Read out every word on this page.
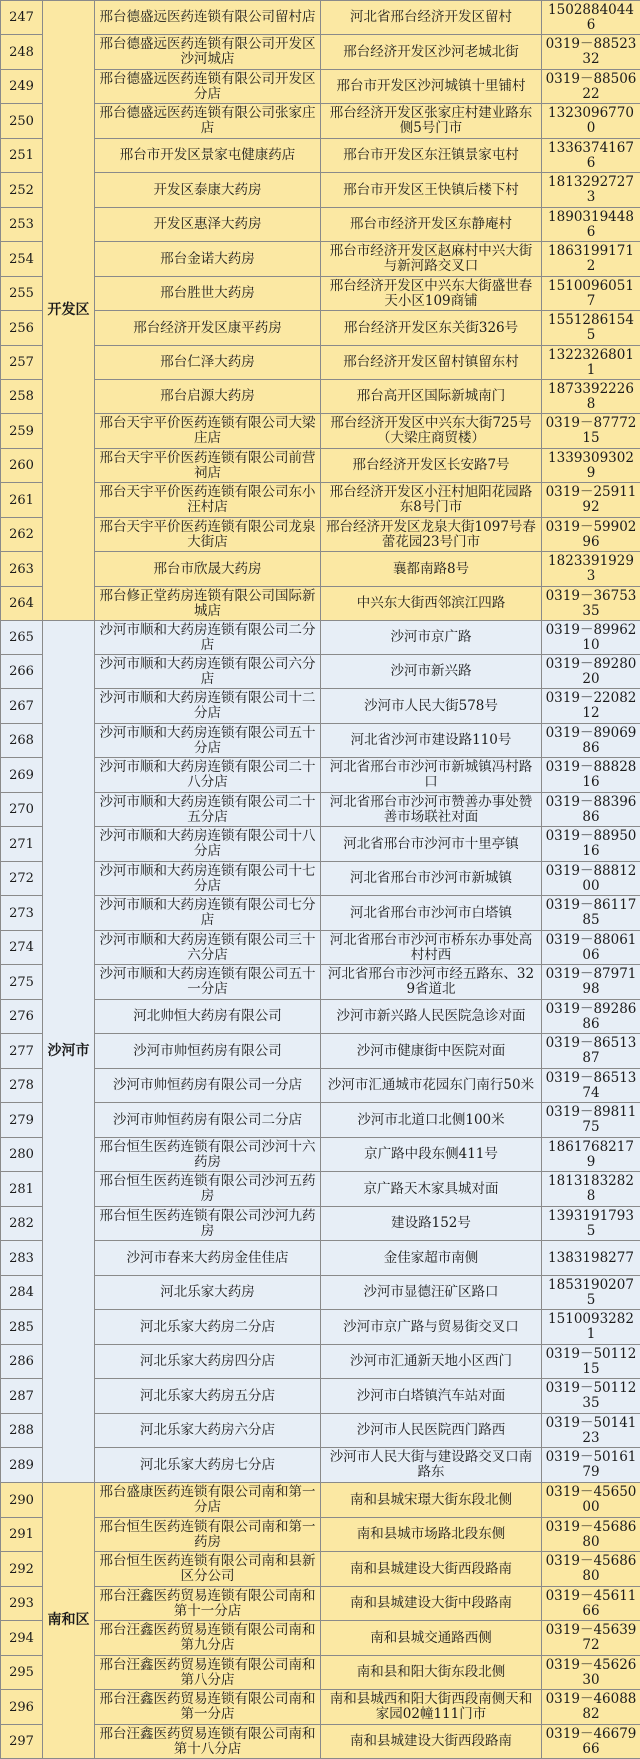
247	开发区	邢台德盛远医药连锁有限公司留村店	河北省邢台经济开发区留村	15028840446
248		邢台德盛远医药连锁有限公司开发区沙河城店	邢台经济开发区沙河老城北街	0319－8852332
249		邢台德盛远医药连锁有限公司开发区分店	邢台市开发区沙河城镇十里铺村	0319－8850622
250		邢台德盛远医药连锁有限公司张家庄店	邢台经济开发区张家庄村建业路东侧5号门市	13230967700
251		邢台市开发区景家屯健康药店	邢台市开发区东汪镇景家屯村	13363741676
252		开发区泰康大药房	邢台市开发区王快镇后楼下村	18132927273
253		开发区惠泽大药房	邢台市经济开发区东静庵村	18903194486
254		邢台金诺大药房	邢台市经济开发区赵麻村中兴大街与新河路交叉口	18631991712
255		邢台胜世大药房	邢台经济开发区中兴东大街盛世春天小区109商铺	15100960517
256		邢台经济开发区康平药房	邢台经济开发区东关街326号	15512861545
257		邢台仁泽大药房	邢台经济开发区留村镇留东村	13223268011
258		邢台启源大药房	邢台高开区国际新城南门	18733922268
259		邢台天宇平价医药连锁有限公司大梁庄店	邢台经济开发区中兴东大街725号（大梁庄商贸楼）	0319－8777215
260		邢台天宇平价医药连锁有限公司前营祠店	邢台经济开发区长安路7号	13393093029
261		邢台天宇平价医药连锁有限公司东小汪村店	邢台经济开发区小汪村旭阳花园路东8号门市	0319－2591192
262		邢台天宇平价医药连锁有限公司龙泉大街店	邢台经济开发区龙泉大街1097号春蕾花园23号门市	0319－5990296
263		邢台市欣晟大药房	襄都南路8号	18233919293
264		邢台修正堂药房连锁有限公司国际新城店	中兴东大街西邻滨江四路	0319－3675335
265	沙河市	沙河市顺和大药房连锁有限公司二分店	沙河市京广路	0319－8996210
266		沙河市顺和大药房连锁有限公司六分店	沙河市新兴路	0319－8928020
267		沙河市顺和大药房连锁有限公司十二分店	沙河市人民大街578号	0319－2208212
268		沙河市顺和大药房连锁有限公司五十分店	河北省沙河市建设路110号	0319－8906986
269		沙河市顺和大药房连锁有限公司二十八分店	河北省邢台市沙河市新城镇冯村路口	0319－8882816
270		沙河市顺和大药房连锁有限公司二十五分店	河北省邢台市沙河市赞善办事处赞善市场联社对面	0319－8839686
271		沙河市顺和大药房连锁有限公司十八分店	河北省邢台市沙河市十里亭镇	0319－8895016
272		沙河市顺和大药房连锁有限公司十七分店	河北省邢台市沙河市新城镇	0319－8881200
273		沙河市顺和大药房连锁有限公司七分店	河北省邢台市沙河市白塔镇	0319－8611785
274		沙河市顺和大药房连锁有限公司三十六分店	河北省邢台市沙河市桥东办事处高村村西	0319－8806106
275		沙河市顺和大药房连锁有限公司五十一分店	河北省邢台市沙河市经五路东、329省道北	0319－8797198
276		河北帅恒大药房有限公司	沙河市新兴路人民医院急诊对面	0319－8928686
277		沙河市帅恒药房有限公司	沙河市健康街中医院对面	0319－8651387
278		沙河市帅恒药房有限公司一分店	沙河市汇通城市花园东门南行50米	0319－8651374
279		沙河市帅恒药房有限公司二分店	沙河市北道口北侧100米	0319－8981175
280		邢台恒生医药连锁有限公司沙河十六药房	京广路中段东侧411号	18617682179
281		邢台恒生医药连锁有限公司沙河五药房	京广路天木家具城对面	18131832828
282		邢台恒生医药连锁有限公司沙河九药房	建设路152号	13931917935
283		沙河市春来大药房金佳佳店	金佳家超市南侧	1383198277
284		河北乐家大药房	沙河市显德汪矿区路口	18531902075
285		河北乐家大药房二分店	沙河市京广路与贸易街交叉口	15100932821
286		河北乐家大药房四分店	沙河市汇通新天地小区西门	0319－5011215
287		河北乐家大药房五分店	沙河市白塔镇汽车站对面	0319－5011235
288		河北乐家大药房六分店	沙河市人民医院西门路西	0319－5014123
289		河北乐家大药房七分店	沙河市人民大街与建设路交叉口南路东	0319－5016179
290	南和区	邢台盛康医药连锁有限公司南和第一分店	南和县城宋璟大街东段北侧	0319－4565000
291		邢台恒生医药连锁有限公司南和第一药房	南和县城市场路北段东侧	0319－4568680
292		邢台恒生医药连锁有限公司南和县新区分公司	南和县城建设大街西段路南	0319－4568680
293		邢台汪鑫医药贸易连锁有限公司南和第十一分店	南和县城建设大街中段路南	0319－4561166
294		邢台汪鑫医药贸易连锁有限公司南和第九分店	南和县城交通路西侧	0319－4563972
295		邢台汪鑫医药贸易连锁有限公司南和第八分店	南和县和阳大街东段北侧	0319－4562630
296		邢台汪鑫医药贸易连锁有限公司南和第一分店	南和县城西和阳大街西段南侧天和家园02幢111门市	0319－4608882
297		邢台汪鑫医药贸易连锁有限公司南和第十八分店	南和县城建设大街西段路南	0319－4667966
